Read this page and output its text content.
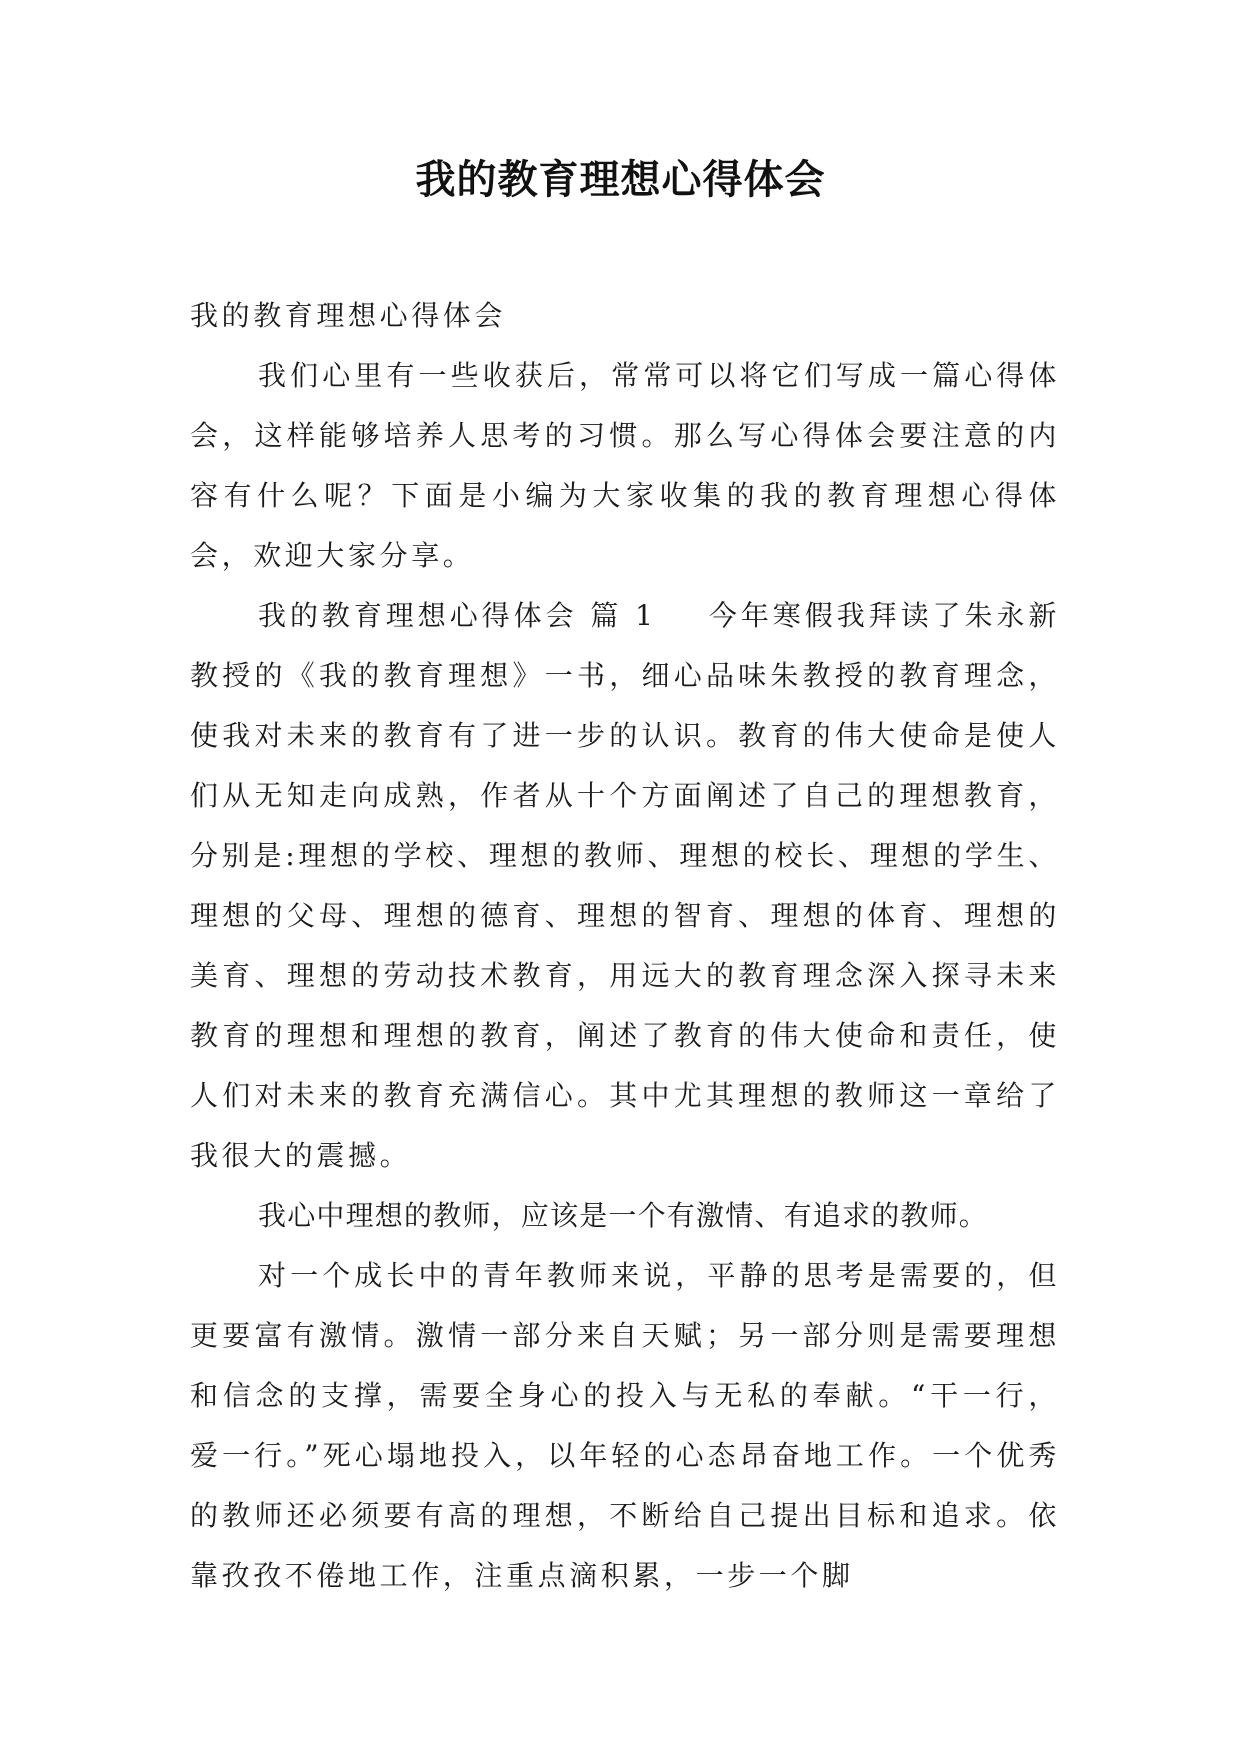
我的教育理想心得体会

我的教育理想心得体会

我们心里有一些收获后，常常可以将它们写成一篇心得体会，这样能够培养人思考的习惯。那么写心得体会要注意的内容有什么呢？下面是小编为大家收集的我的教育理想心得体会，欢迎大家分享。

我的教育理想心得体会 篇 1 今年寒假我拜读了朱永新教授的《我的教育理想》一书，细心品味朱教授的教育理念，使我对未来的教育有了进一步的认识。教育的伟大使命是使人们从无知走向成熟，作者从十个方面阐述了自己的理想教育，分别是:理想的学校、理想的教师、理想的校长、理想的学生、理想的父母、理想的德育、理想的智育、理想的体育、理想的美育、理想的劳动技术教育，用远大的教育理念深入探寻未来教育的理想和理想的教育，阐述了教育的伟大使命和责任，使人们对未来的教育充满信心。其中尤其理想的教师这一章给了我很大的震撼。

我心中理想的教师，应该是一个有激情、有追求的教师。

对一个成长中的青年教师来说，平静的思考是需要的，但更要富有激情。激情一部分来自天赋；另一部分则是需要理想和信念的支撑，需要全身心的投入与无私的奉献。“干一行，爱一行。”死心塌地投入，以年轻的心态昂奋地工作。一个优秀的教师还必须要有高的理想，不断给自己提出目标和追求。依靠孜孜不倦地工作，注重点滴积累，一步一个脚
